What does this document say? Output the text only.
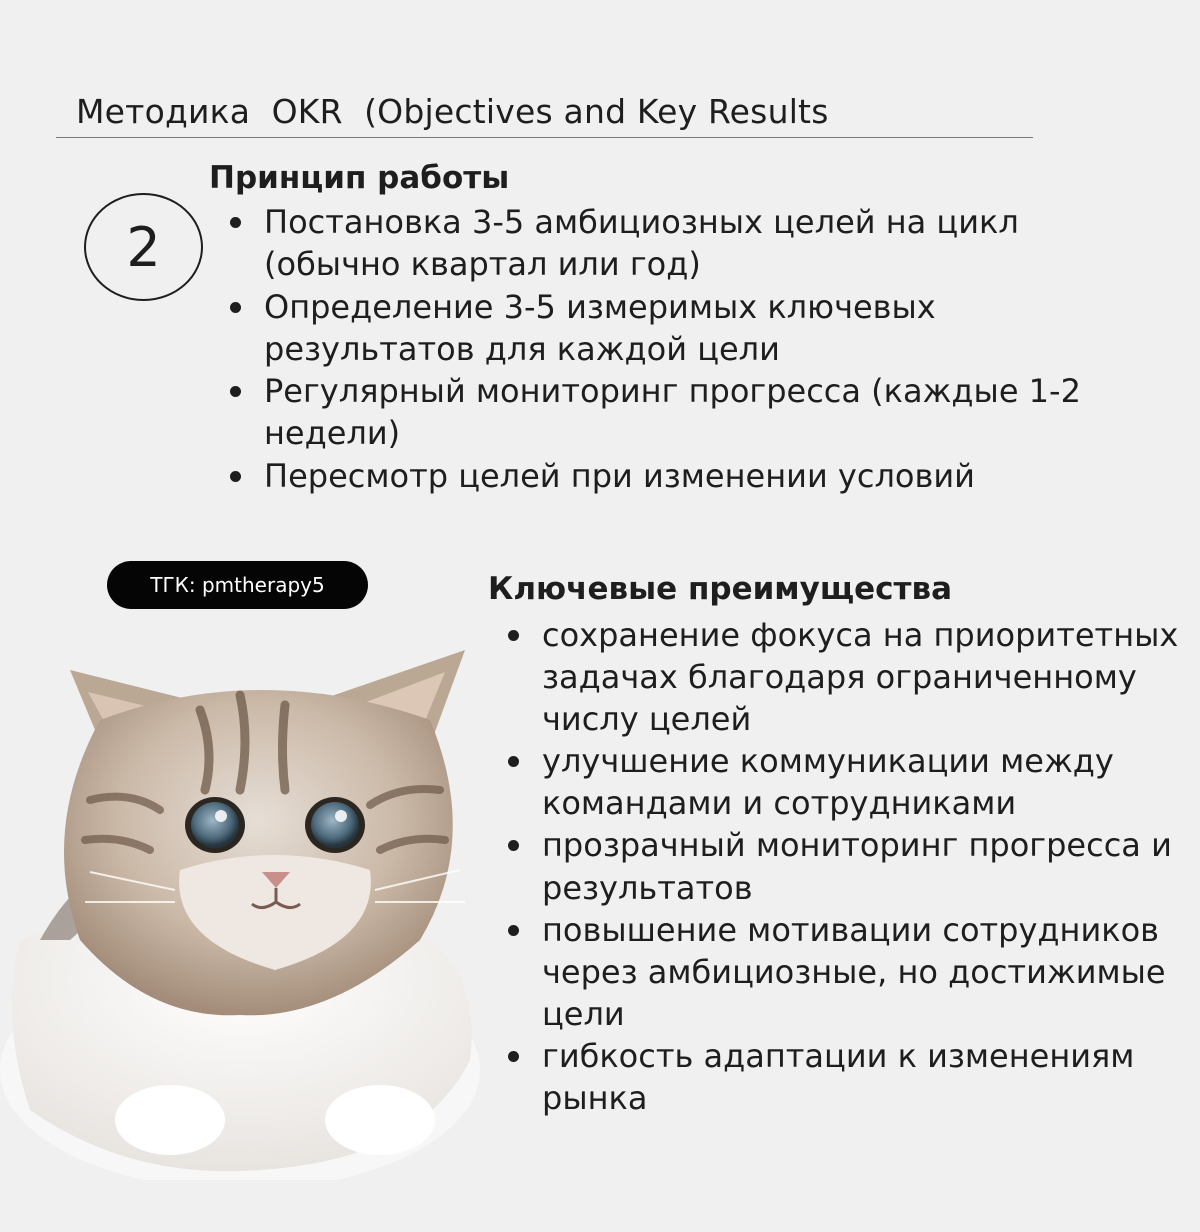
Методика  OKR  (Objectives and Key Results
2
Принцип работы
Постановка 3-5 амбициозных целей на цикл (обычно квартал или год)
Определение 3-5 измеримых ключевых результатов для каждой цели
Регулярный мониторинг прогресса (каждые 1-2 недели)
Пересмотр целей при изменении условий
ТГК: pmtherapy5	Ключевые преимущества
сохранение фокуса на приоритетных задачах благодаря ограниченному числу целей
улучшение коммуникации между командами и сотрудниками
прозрачный мониторинг прогресса и результатов
повышение мотивации сотрудников через амбициозные, но достижимые цели
гибкость адаптации к изменениям рынка
